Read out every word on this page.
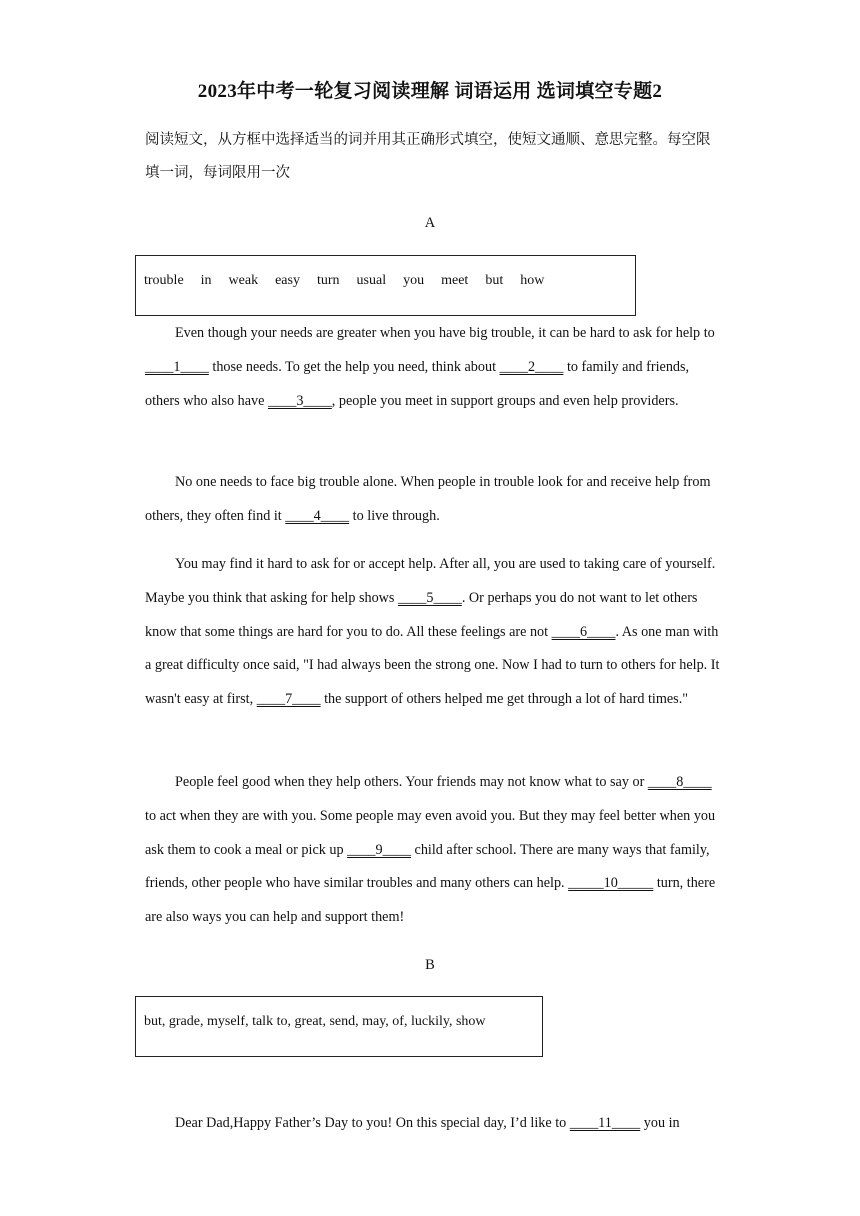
2023年中考一轮复习阅读理解 词语运用 选词填空专题2
阅读短文，从方框中选择适当的词并用其正确形式填空，使短文通顺、意思完整。每空限填一词，每词限用一次
A
trouble in weak easy turn usual you meet but how

Even though your needs are greater when you have big trouble, it can be hard to ask for help to ____1____ those needs. To get the help you need, think about ____2____ to family and friends, others who also have ____3____, people you meet in support groups and even help providers.

No one needs to face big trouble alone. When people in trouble look for and receive help from others, they often find it ____4____ to live through.

You may find it hard to ask for or accept help. After all, you are used to taking care of yourself. Maybe you think that asking for help shows ____5____. Or perhaps you do not want to let others know that some things are hard for you to do. All these feelings are not ____6____. As one man with a great difficulty once said, "I had always been the strong one. Now I had to turn to others for help. It wasn't easy at first, ____7____ the support of others helped me get through a lot of hard times."

People feel good when they help others. Your friends may not know what to say or ____8____ to act when they are with you. Some people may even avoid you. But they may feel better when you ask them to cook a meal or pick up ____9____ child after school. There are many ways that family, friends, other people who have similar troubles and many others can help. _____10_____ turn, there are also ways you can help and support them!

B
but, grade, myself, talk to, great, send, may, of, luckily, show

Dear Dad,Happy Father’s Day to you! On this special day, I’d like to ____11____ you in
